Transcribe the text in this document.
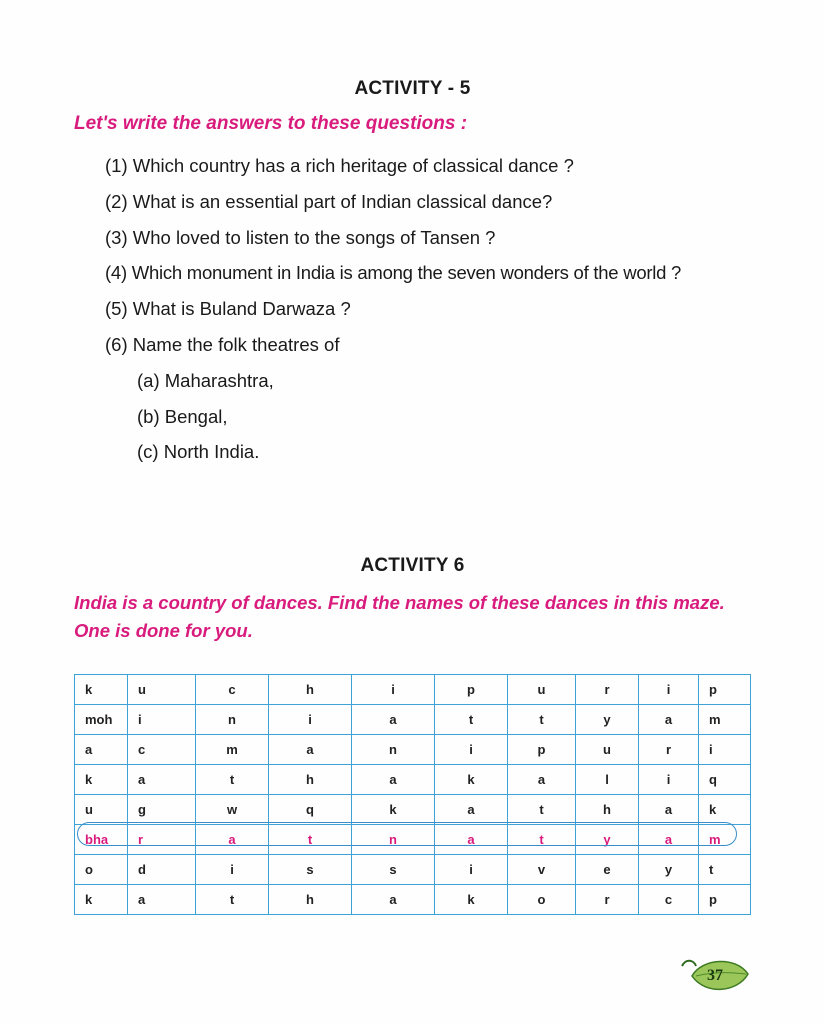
ACTIVITY - 5
Let's write the answers to these questions :
(1) Which country has a rich heritage of classical dance ?
(2) What is an essential part of Indian classical dance?
(3) Who loved to listen to the songs of Tansen ?
(4) Which monument in India is among the seven wonders of the world ?
(5) What is Buland Darwaza ?
(6) Name the folk theatres of
(a) Maharashtra,
(b) Bengal,
(c) North India.
ACTIVITY 6
India is a country of dances. Find the names of these dances in this maze.
One is done for you.
k	u	c	h	i	p	u	r	i	p
moh	i	n	i	a	t	t	y	a	m
a	c	m	a	n	i	p	u	r	i
k	a	t	h	a	k	a	l	i	q
u	g	w	q	k	a	t	h	a	k
bha	r	a	t	n	a	t	y	a	m
o	d	i	s	s	i	v	e	y	t
k	a	t	h	a	k	o	r	c	p
37
